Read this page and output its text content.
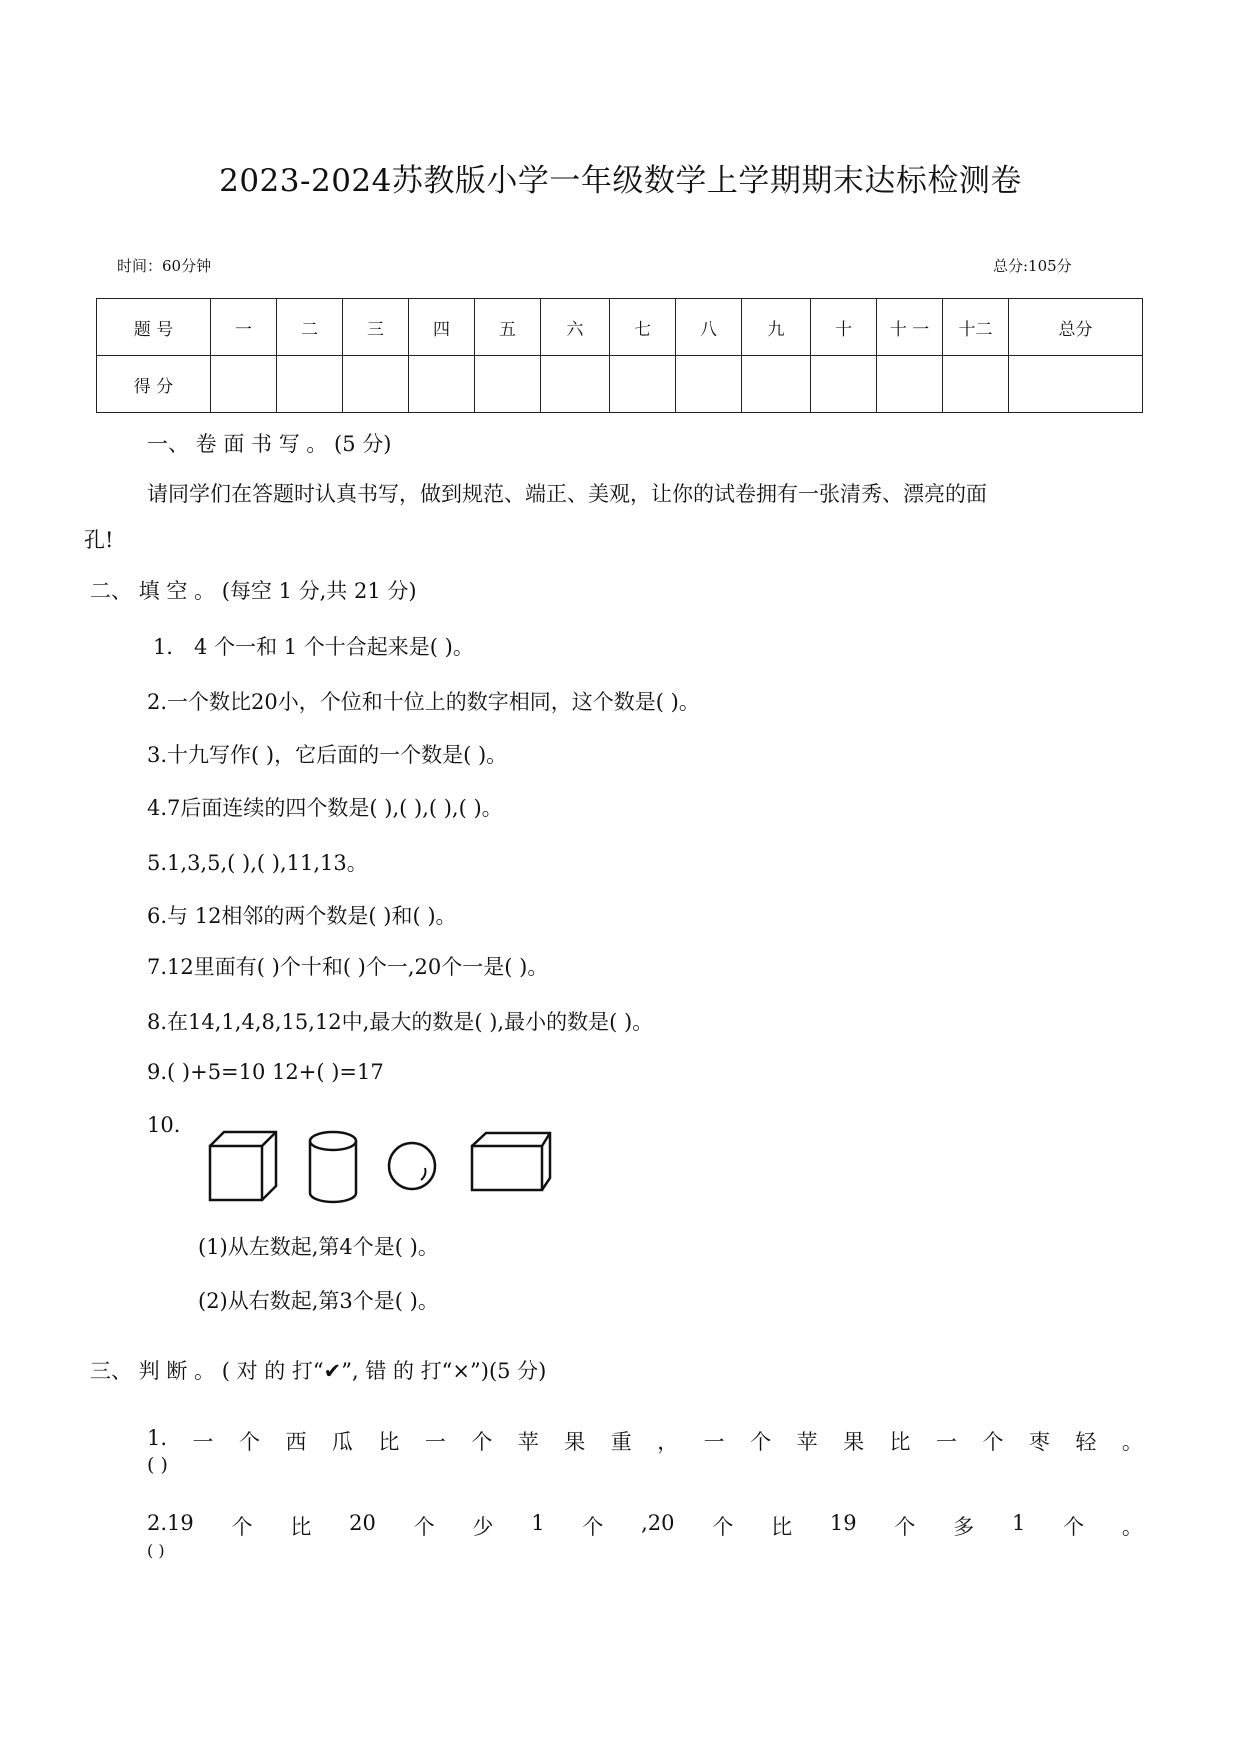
2023-2024苏教版小学一年级数学上学期期末达标检测卷
时间：60分钟	总分:105分
题 号	一	二	三	四	五	六	七	八	九	十	十 一	十二	总分
得 分													
一、 卷 面 书 写 。 (5 分)
请同学们在答题时认真书写，做到规范、端正、美观，让你的试卷拥有一张清秀、漂亮的面
孔!
二、 填 空 。 (每空 1 分,共 21 分)
1． 4 个一和 1 个十合起来是( )。
2.一个数比20小，个位和十位上的数字相同，这个数是( )。
3.十九写作( )，它后面的一个数是( )。
4.7后面连续的四个数是( ),( ),( ),( )。
5.1,3,5,( ),( ),11,13。
6.与 12相邻的两个数是( )和( )。
7.12里面有( )个十和( )个一,20个一是( )。
8.在14,1,4,8,15,12中,最大的数是( ),最小的数是( )。
9.( )+5=10 12+( )=17
10.
(1)从左数起,第4个是( )。
(2)从右数起,第3个是( )。
三、 判 断 。 ( 对 的 打“✔”, 错 的 打“×”)(5 分)
1. 一 个 西 瓜 比 一 个 苹 果 重 ， 一 个 苹 果 比 一 个 枣 轻 。
( )
2.19 个 比 20 个 少 1 个 ,20 个 比 19 个 多 1 个 。
( )
